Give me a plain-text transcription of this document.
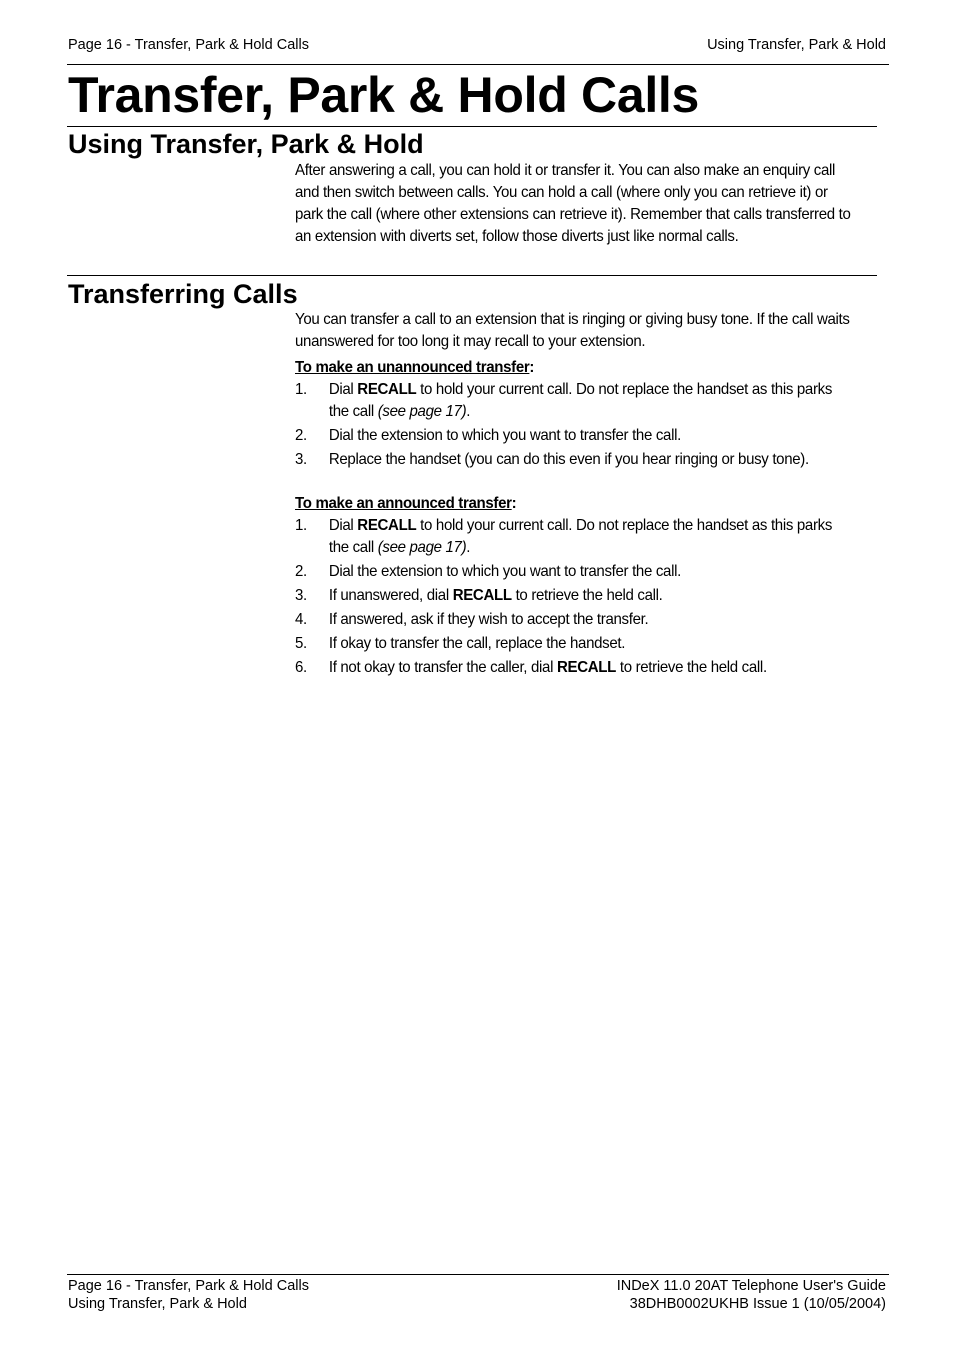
Page 16 - Transfer, Park & Hold Calls	Using Transfer, Park & Hold
Transfer, Park & Hold Calls
Using Transfer, Park & Hold

After answering a call, you can hold it or transfer it. You can also make an enquiry call and then switch between calls. You can hold a call (where only you can retrieve it) or park the call (where other extensions can retrieve it). Remember that calls transferred to an extension with diverts set, follow those diverts just like normal calls.

Transferring Calls

You can transfer a call to an extension that is ringing or giving busy tone. If the call waits unanswered for too long it may recall to your extension.

To make an unannounced transfer:

1. Dial RECALL to hold your current call. Do not replace the handset as this parks the call (see page 17).
2. Dial the extension to which you want to transfer the call.
3. Replace the handset (you can do this even if you hear ringing or busy tone).

To make an announced transfer:

1. Dial RECALL to hold your current call. Do not replace the handset as this parks the call (see page 17).
2. Dial the extension to which you want to transfer the call.
3. If unanswered, dial RECALL to retrieve the held call.
4. If answered, ask if they wish to accept the transfer.
5. If okay to transfer the call, replace the handset.
6. If not okay to transfer the caller, dial RECALL to retrieve the held call.
Page 16 - Transfer, Park & Hold Calls
Using Transfer, Park & Hold
INDeX 11.0 20AT Telephone User's Guide
38DHB0002UKHB Issue 1 (10/05/2004)
